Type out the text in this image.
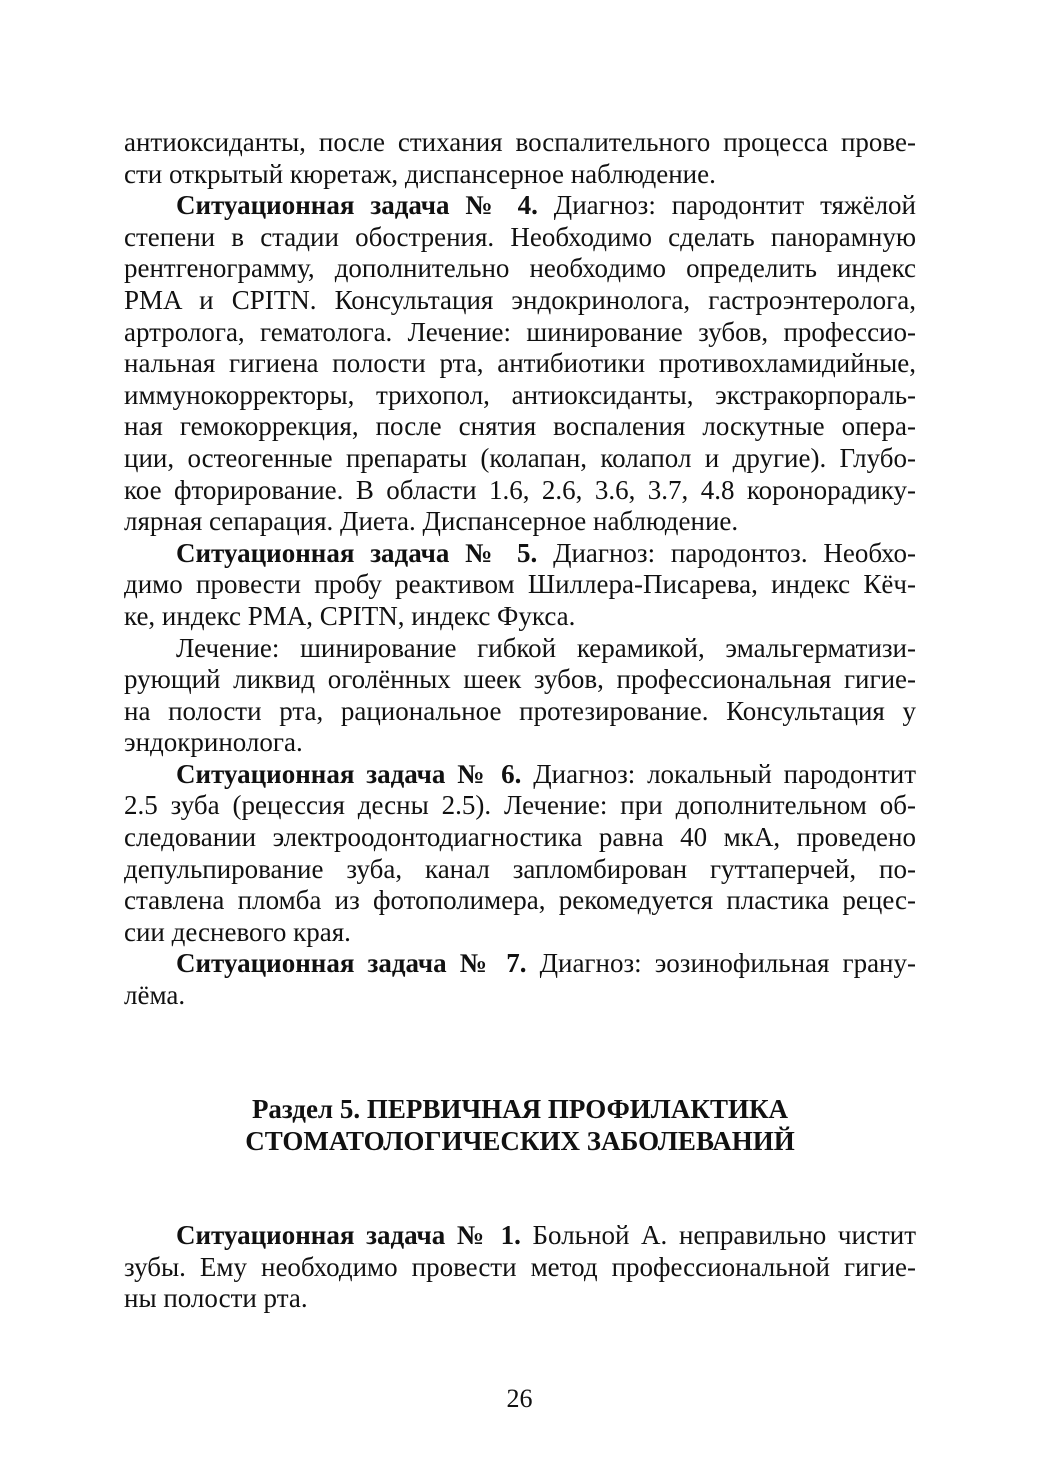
антиоксиданты, после стихания воспалительного процесса прове-
сти открытый кюретаж, диспансерное наблюдение.
Ситуационная задача № 4. Диагноз: пародонтит тяжёлой
степени в стадии обострения. Необходимо сделать панорамную
рентгенограмму, дополнительно необходимо определить индекс
PMA и CPITN. Консультация эндокринолога, гастроэнтеролога,
артролога, гематолога. Лечение: шинирование зубов, профессио-
нальная гигиена полости рта, антибиотики противохламидийные,
иммунокорректоры, трихопол, антиоксиданты, экстракорпораль-
ная гемокоррекция, после снятия воспаления лоскутные опера-
ции, остеогенные препараты (колапан, колапол и другие). Глубо-
кое фторирование. В области 1.6, 2.6, 3.6, 3.7, 4.8 коронорадику-
лярная сепарация. Диета. Диспансерное наблюдение.
Ситуационная задача № 5. Диагноз: пародонтоз. Необхо-
димо провести пробу реактивом Шиллера-Писарева, индекс Кёч-
ке, индекс PMA, CPITN, индекс Фукса.
Лечение: шинирование гибкой керамикой, эмальгерматизи-
рующий ликвид оголённых шеек зубов, профессиональная гигие-
на полости рта, рациональное протезирование. Консультация у
эндокринолога.
Ситуационная задача № 6. Диагноз: локальный пародонтит
2.5 зуба (рецессия десны 2.5). Лечение: при дополнительном об-
следовании электроодонтодиагностика равна 40 мкА, проведено
депульпирование зуба, канал запломбирован гуттаперчей, по-
ставлена пломба из фотополимера, рекомедуется пластика рецес-
сии десневого края.
Ситуационная задача № 7. Диагноз: эозинофильная грану-
лёма.
Раздел 5. ПЕРВИЧНАЯ ПРОФИЛАКТИКА
СТОМАТОЛОГИЧЕСКИХ ЗАБОЛЕВАНИЙ
Ситуационная задача № 1. Больной А. неправильно чистит
зубы. Ему необходимо провести метод профессиональной гигие-
ны полости рта.
26
